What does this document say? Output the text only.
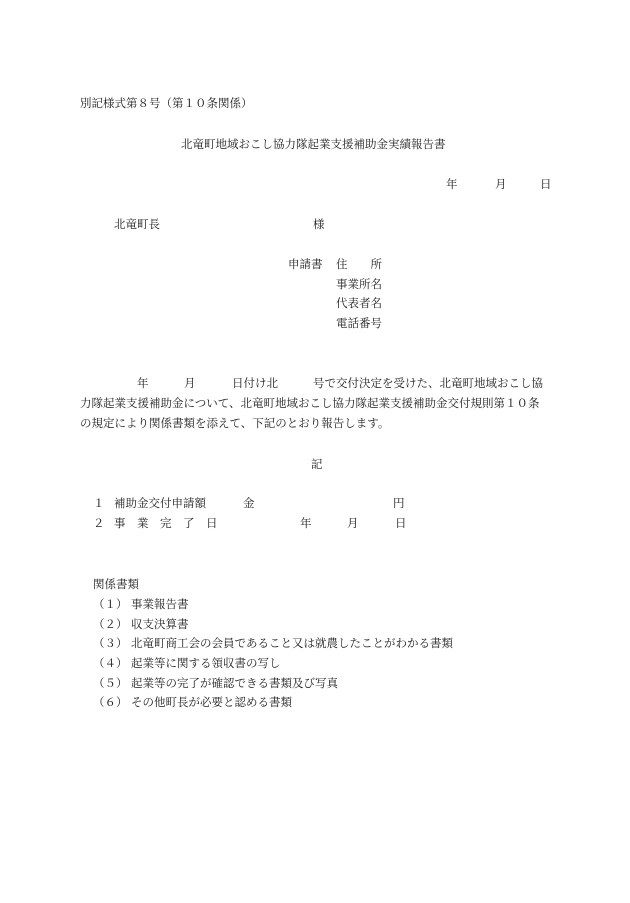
別記様式第８号（第１０条関係）
北竜町地域おこし協力隊起業支援補助金実績報告書
年	月	日
北竜町長	様
申請書 住　　所
事業所名
代表者名
電話番号
年	月	日付け北	号で交付決定を受けた、北竜町地域おこし協
力隊起業支援補助金について、北竜町地域おこし協力隊起業支援補助金交付規則第１０条
の規定により関係書類を添えて、下記のとおり報告します。
記
１ 補助金交付申請額	金	円
２ 事　業　完　了　日	年	月	日
関係書類
（１） 事業報告書
（２） 収支決算書
（３） 北竜町商工会の会員であること又は就農したことがわかる書類
（４） 起業等に関する領収書の写し
（５） 起業等の完了が確認できる書類及び写真
（６） その他町長が必要と認める書類
